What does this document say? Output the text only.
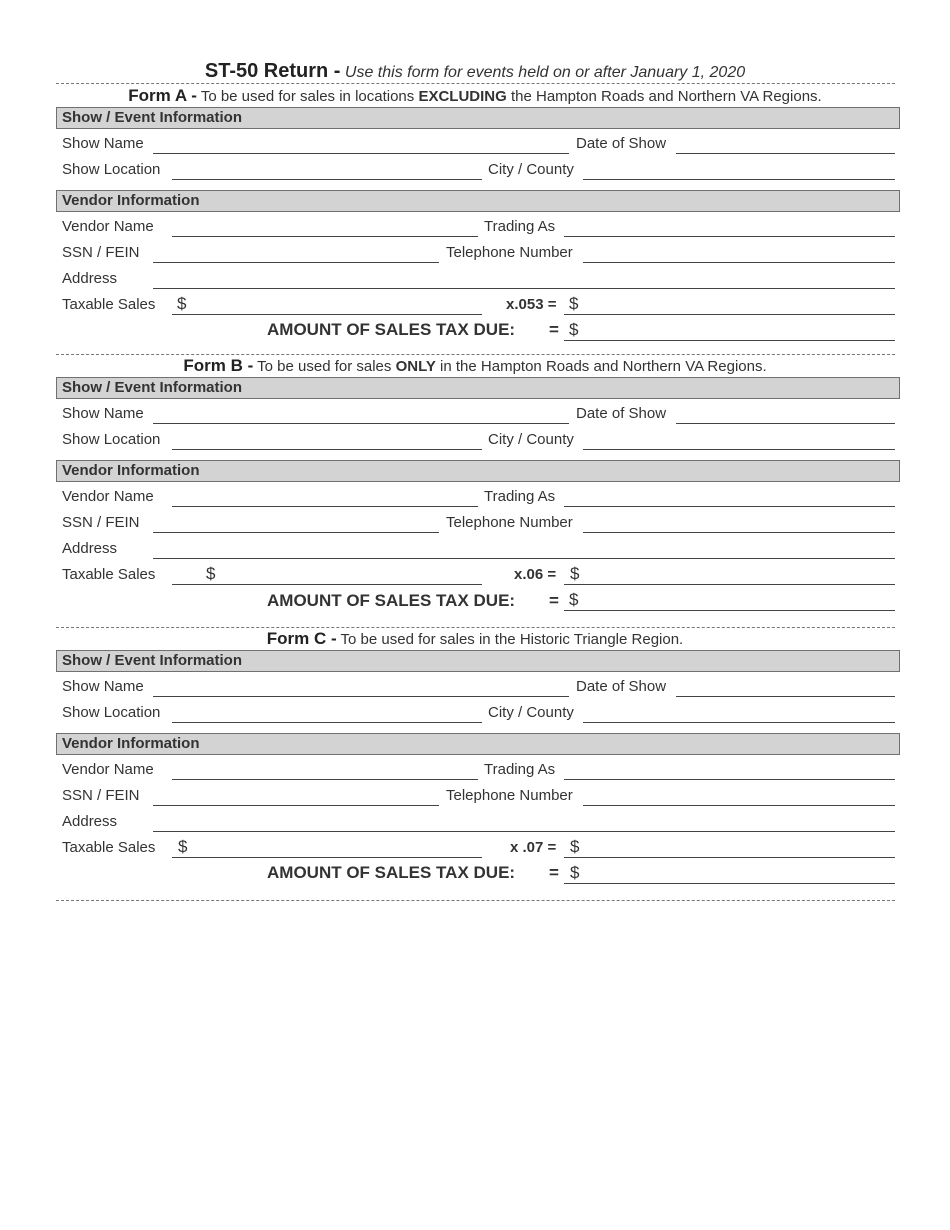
ST-50 Return - Use this form for events held on or after January 1, 2020
Form A - To be used for sales in locations EXCLUDING the Hampton Roads and Northern VA Regions.
Show / Event Information
Show Name	Date of Show
Show Location	City / County
Vendor Information
Vendor Name	Trading As
SSN / FEIN	Telephone Number
Address
Taxable Sales $	x.053 = $
AMOUNT OF SALES TAX DUE: = $
Form B - To be used for sales ONLY in the Hampton Roads and Northern VA Regions.
Show / Event Information
Show Name	Date of Show
Show Location	City / County
Vendor Information
Vendor Name	Trading As
SSN / FEIN	Telephone Number
Address
Taxable Sales	$	x.06 = $
AMOUNT OF SALES TAX DUE: = $
Form C - To be used for sales in the Historic Triangle Region.
Show / Event Information
Show Name	Date of Show
Show Location	City / County
Vendor Information
Vendor Name	Trading As
SSN / FEIN	Telephone Number
Address
Taxable Sales $	x .07 = $
AMOUNT OF SALES TAX DUE: = $
